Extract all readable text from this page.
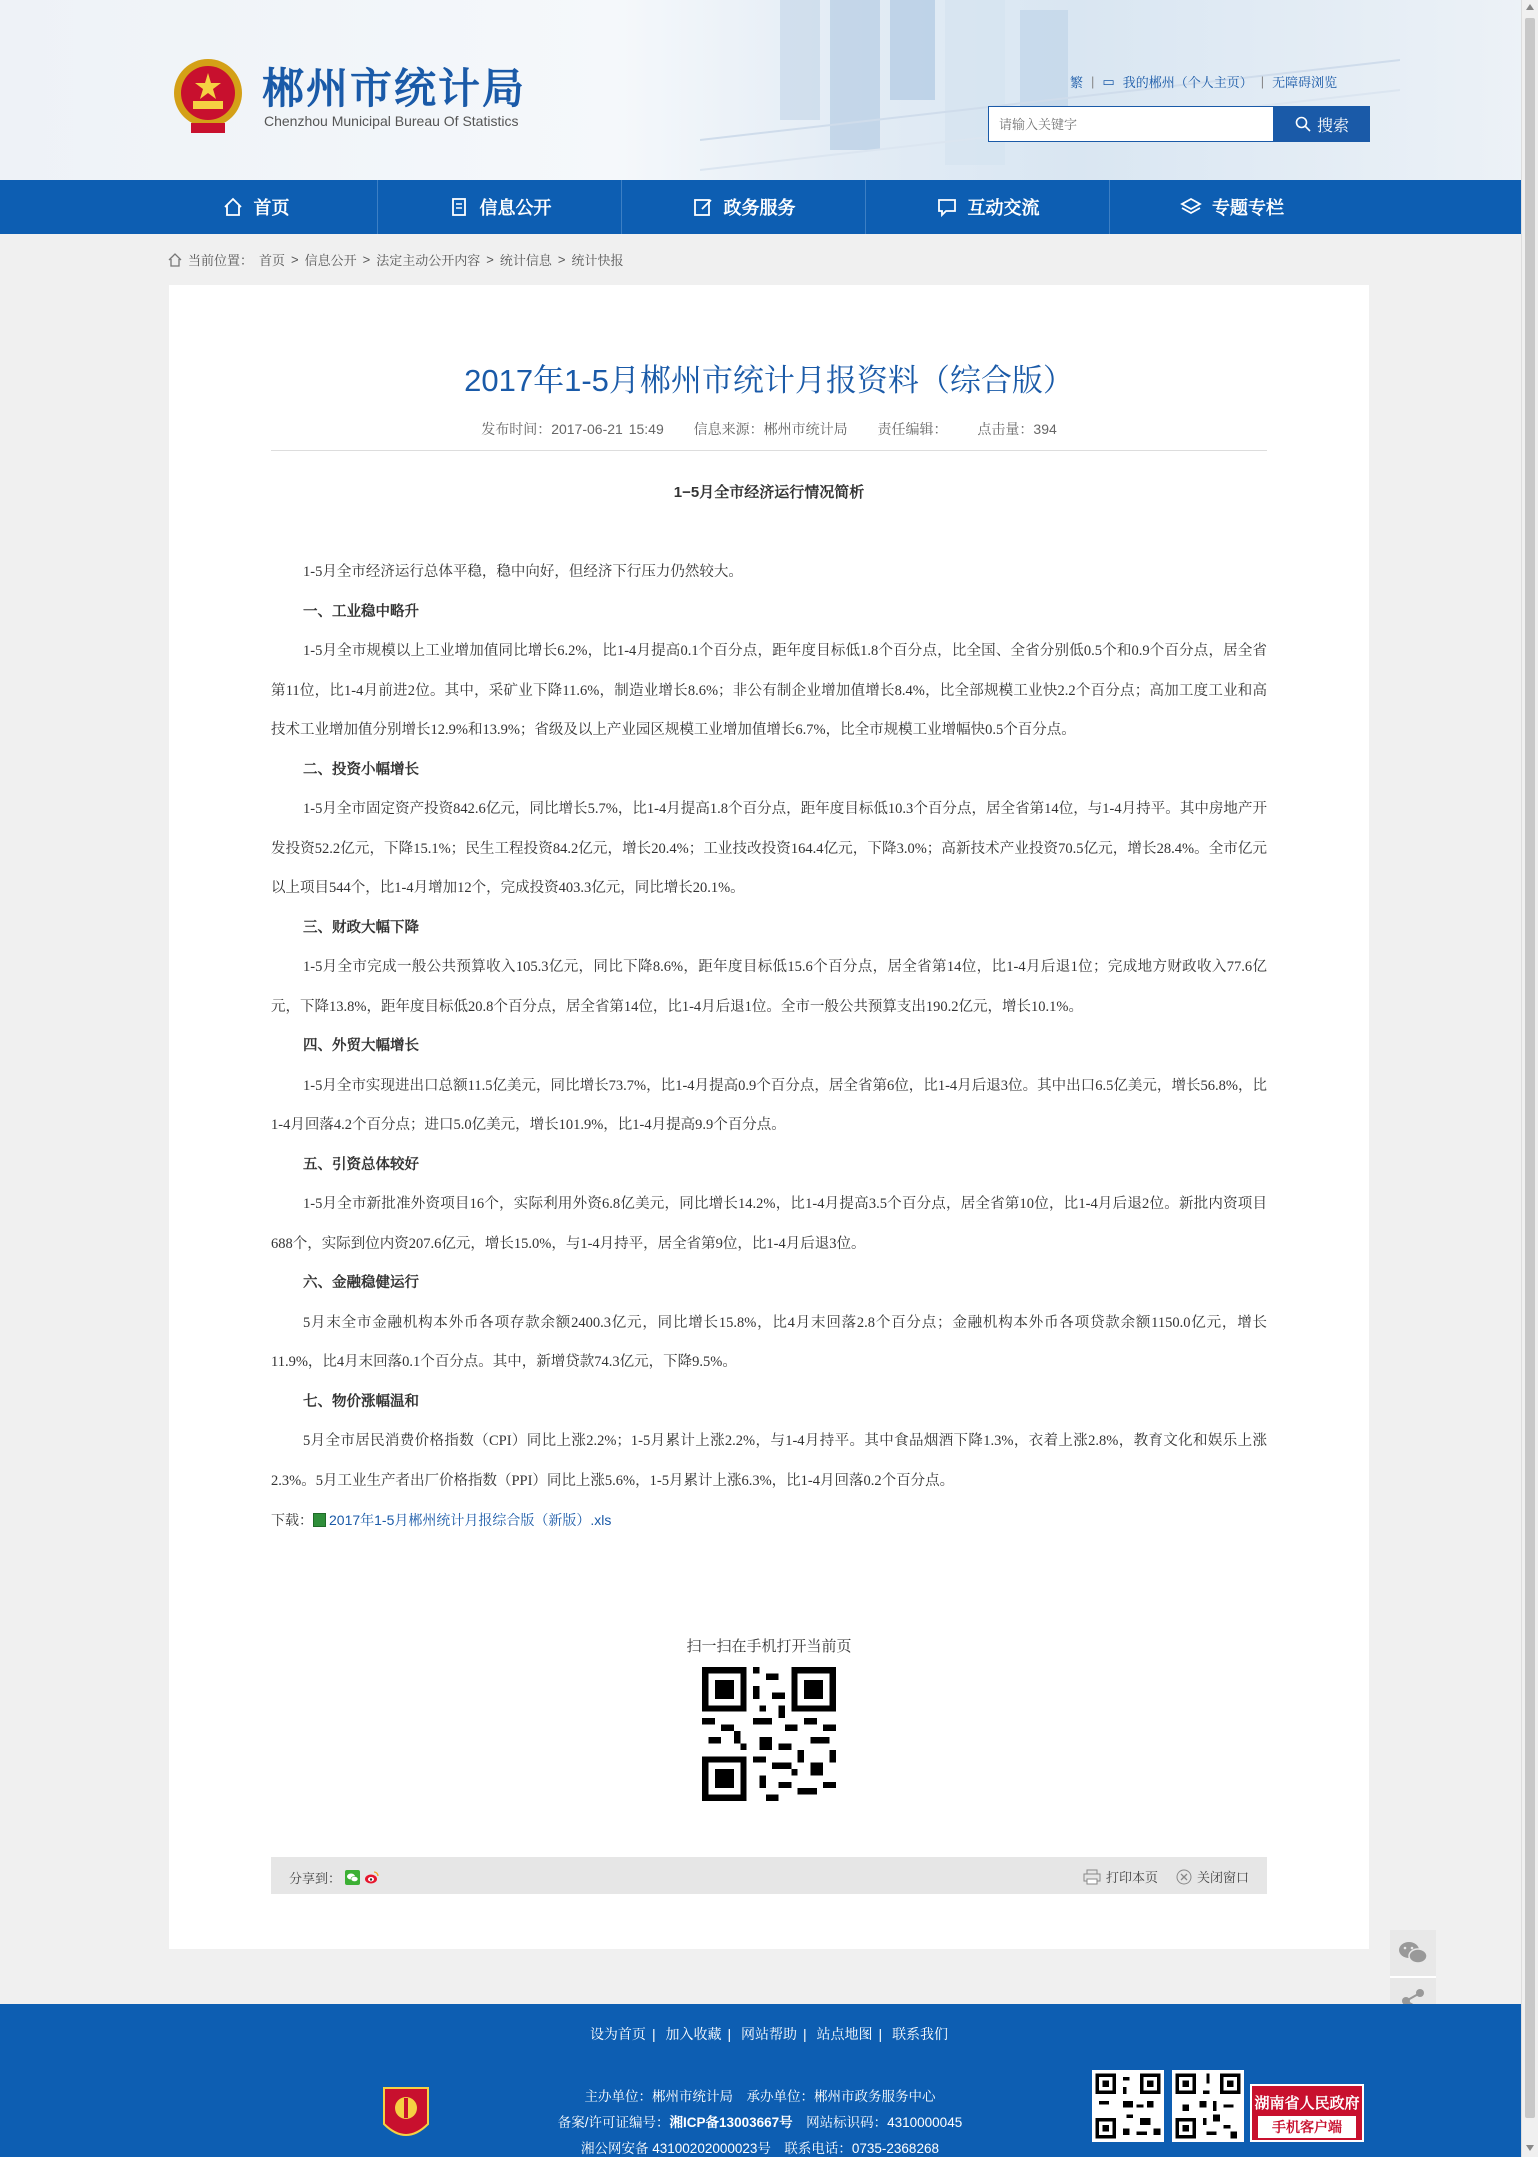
郴州市统计局
Chenzhou Municipal Bureau Of Statistics
繁 | ▭ 我的郴州（个人主页） | 无障碍浏览
请输入关键字
搜索
首页	信息公开	政务服务	互动交流	专题专栏
当前位置： 首页 > 信息公开 > 法定主动公开内容 > 统计信息 > 统计快报
2017年1-5月郴州市统计月报资料（综合版）
发布时间：2017-06-21 15:49 信息来源：郴州市统计局 责任编辑： 点击量：394
1−5月全市经济运行情况简析

1-5月全市经济运行总体平稳，稳中向好，但经济下行压力仍然较大。

一、工业稳中略升

1-5月全市规模以上工业增加值同比增长6.2%，比1-4月提高0.1个百分点，距年度目标低1.8个百分点，比全国、全省分别低0.5个和0.9个百分点，居全省第11位，比1-4月前进2位。其中，采矿业下降11.6%，制造业增长8.6%；非公有制企业增加值增长8.4%，比全部规模工业快2.2个百分点；高加工度工业和高技术工业增加值分别增长12.9%和13.9%；省级及以上产业园区规模工业增加值增长6.7%，比全市规模工业增幅快0.5个百分点。

二、投资小幅增长

1-5月全市固定资产投资842.6亿元，同比增长5.7%，比1-4月提高1.8个百分点，距年度目标低10.3个百分点，居全省第14位，与1-4月持平。其中房地产开发投资52.2亿元，下降15.1%；民生工程投资84.2亿元，增长20.4%；工业技改投资164.4亿元，下降3.0%；高新技术产业投资70.5亿元，增长28.4%。全市亿元以上项目544个，比1-4月增加12个，完成投资403.3亿元，同比增长20.1%。

三、财政大幅下降

1-5月全市完成一般公共预算收入105.3亿元，同比下降8.6%，距年度目标低15.6个百分点，居全省第14位，比1-4月后退1位；完成地方财政收入77.6亿元，下降13.8%，距年度目标低20.8个百分点，居全省第14位，比1-4月后退1位。全市一般公共预算支出190.2亿元，增长10.1%。

四、外贸大幅增长

1-5月全市实现进出口总额11.5亿美元，同比增长73.7%，比1-4月提高0.9个百分点，居全省第6位，比1-4月后退3位。其中出口6.5亿美元，增长56.8%，比1-4月回落4.2个百分点；进口5.0亿美元，增长101.9%，比1-4月提高9.9个百分点。

五、引资总体较好

1-5月全市新批准外资项目16个，实际利用外资6.8亿美元，同比增长14.2%，比1-4月提高3.5个百分点，居全省第10位，比1-4月后退2位。新批内资项目688个，实际到位内资207.6亿元，增长15.0%，与1-4月持平，居全省第9位，比1-4月后退3位。

六、金融稳健运行

5月末全市金融机构本外币各项存款余额2400.3亿元，同比增长15.8%，比4月末回落2.8个百分点；金融机构本外币各项贷款余额1150.0亿元，增长11.9%，比4月末回落0.1个百分点。其中，新增贷款74.3亿元，下降9.5%。

七、物价涨幅温和

5月全市居民消费价格指数（CPI）同比上涨2.2%；1-5月累计上涨2.2%，与1-4月持平。其中食品烟酒下降1.3%，衣着上涨2.8%，教育文化和娱乐上涨2.3%。5月工业生产者出厂价格指数（PPI）同比上涨5.6%，1-5月累计上涨6.3%，比1-4月回落0.2个百分点。

下载： 2017年1-5月郴州统计月报综合版（新版）.xls
扫一扫在手机打开当前页
分享到：	打印本页	关闭窗口
设为首页 | 加入收藏 | 网站帮助 | 站点地图 | 联系我们
主办单位：郴州市统计局　承办单位：郴州市政务服务中心
备案/许可证编号：湘ICP备13003667号　网站标识码：4310000045
湘公网安备 43100202000023号　联系电话：0735-2368268
湖南省人民政府
手机客户端
